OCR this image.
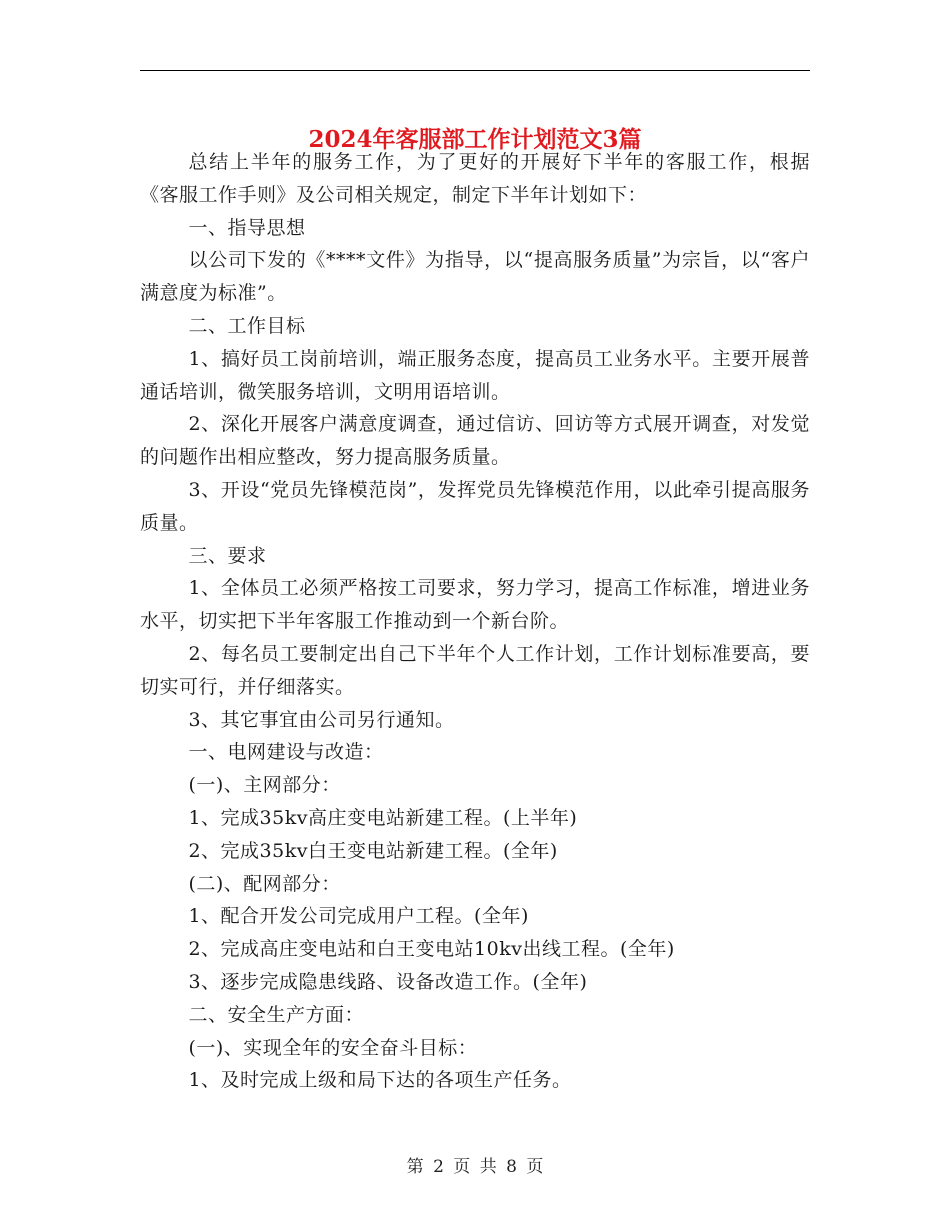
2024年客服部工作计划范文3篇

总结上半年的服务工作，为了更好的开展好下半年的客服工作，根据《客服工作手则》及公司相关规定，制定下半年计划如下：

一、指导思想

以公司下发的《****文件》为指导，以“提高服务质量”为宗旨，以“客户满意度为标准”。

二、工作目标

1、搞好员工岗前培训，端正服务态度，提高员工业务水平。主要开展普通话培训，微笑服务培训，文明用语培训。

2、深化开展客户满意度调查，通过信访、回访等方式展开调查，对发觉的问题作出相应整改，努力提高服务质量。

3、开设“党员先锋模范岗”，发挥党员先锋模范作用，以此牵引提高服务质量。

三、要求

1、全体员工必须严格按工司要求，努力学习，提高工作标准，增进业务水平，切实把下半年客服工作推动到一个新台阶。

2、每名员工要制定出自己下半年个人工作计划，工作计划标准要高，要切实可行，并仔细落实。

3、其它事宜由公司另行通知。

一、电网建设与改造：

(一)、主网部分：

1、完成35kv高庄变电站新建工程。(上半年)

2、完成35kv白王变电站新建工程。(全年)

(二)、配网部分：

1、配合开发公司完成用户工程。(全年)

2、完成高庄变电站和白王变电站10kv出线工程。(全年)

3、逐步完成隐患线路、设备改造工作。(全年)

二、安全生产方面：

(一)、实现全年的安全奋斗目标：

1、及时完成上级和局下达的各项生产任务。

第 2 页 共 8 页
